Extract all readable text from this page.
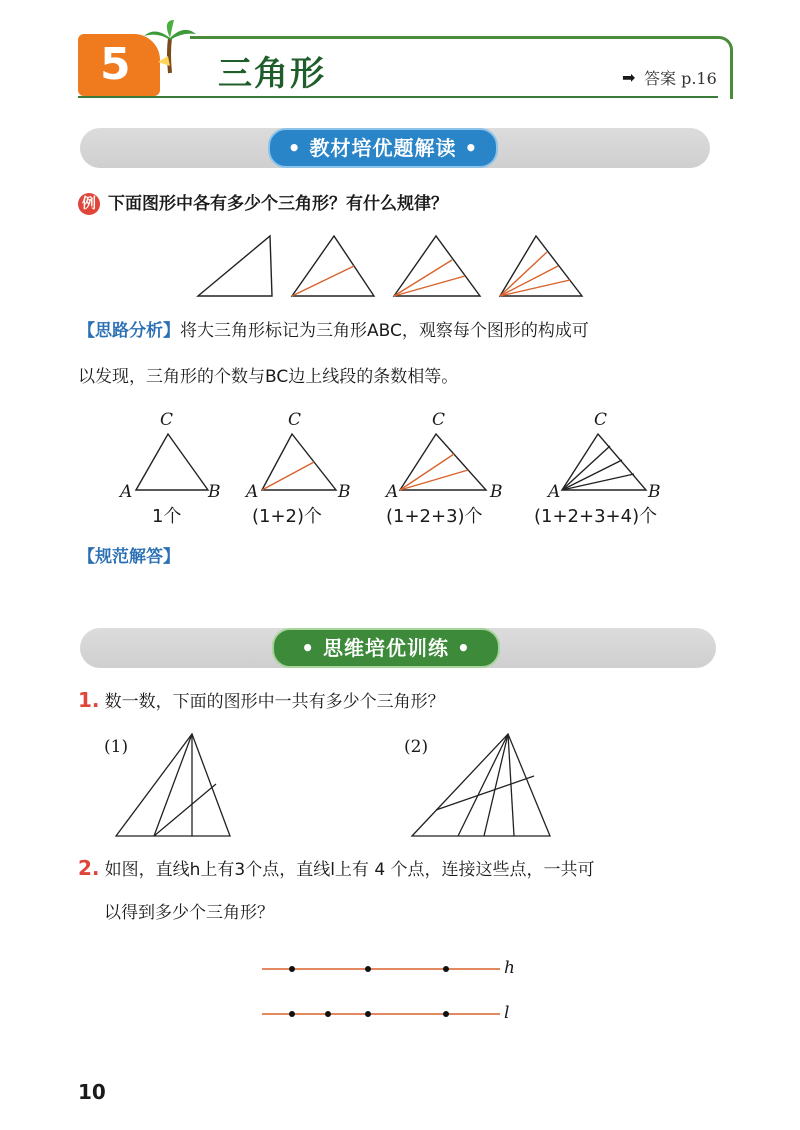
5	三角形	➡ 答案 p.16
• 教材培优题解读 •
例 下面图形中各有多少个三角形？有什么规律？
【思路分析】将大三角形标记为三角形ABC，观察每个图形的构成可
以发现，三角形的个数与BC边上线段的条数相等。
C
A	B
C
A	B
C
A	B
C
A	B
1个	(1+2)个	(1+2+3)个	(1+2+3+4)个
【规范解答】
• 思维培优训练 •
1. 数一数，下面的图形中一共有多少个三角形？
(1)	(2)
2. 如图，直线h上有3个点，直线l上有 4 个点，连接这些点，一共可
以得到多少个三角形？
h
l
10
